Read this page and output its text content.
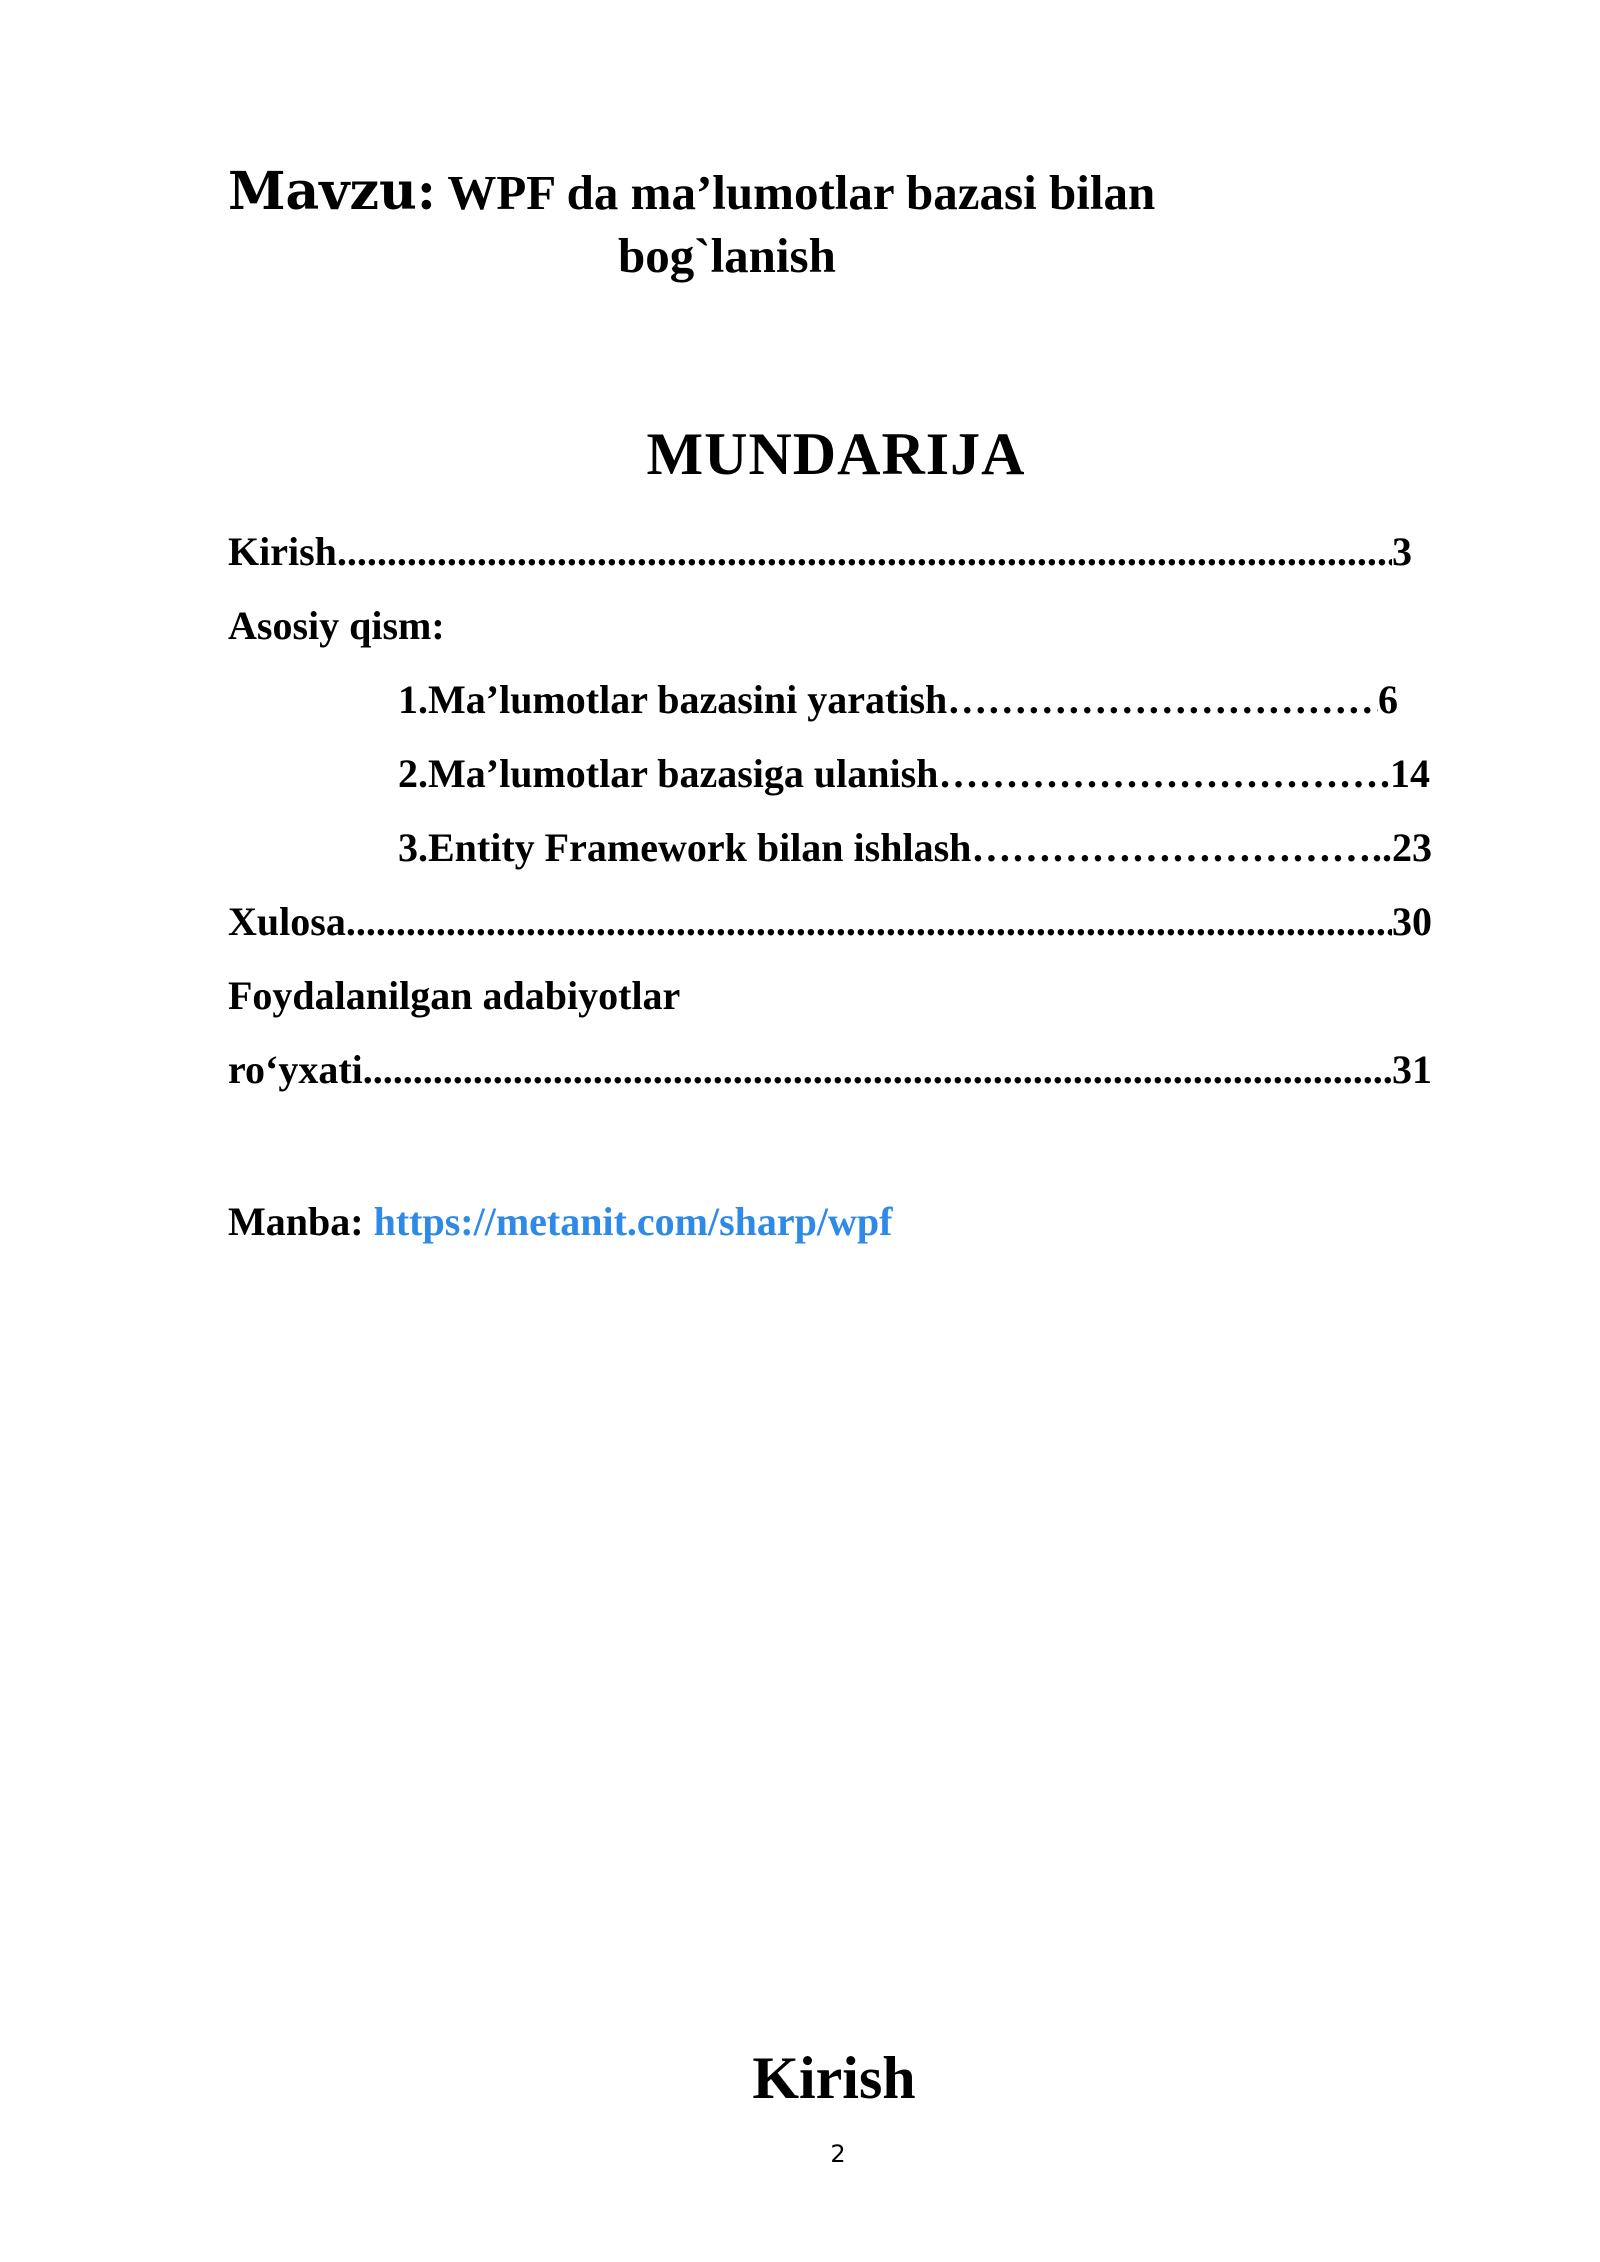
Mavzu: WPF da ma’lumotlar bazasi bilan
bog`lanish
MUNDARIJA
Kirish .....	3
Asosiy qism:
1. Ma’lumotlar bazasini yaratish ……………………………………………………………………………………………………………	6
2. Ma’lumotlar bazasiga ulanish ……………………………………………………………………………………………………………	.14
3. Entity Framework bilan ishlash ……………………………………………………………………………………………………………	..23
Xulosa .....	30
Foydalanilgan adabiyotlar
ro‘yxati .....	31
Manba: https://metanit.com/sharp/wpf
Kirish
2
